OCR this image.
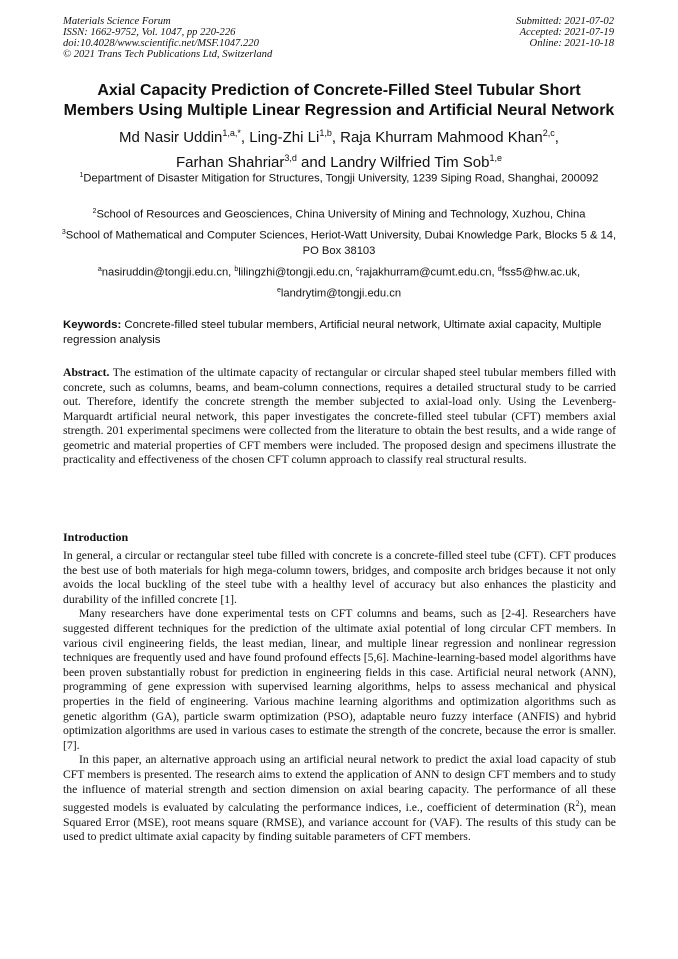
Materials Science Forum
ISSN: 1662-9752, Vol. 1047, pp 220-226
doi:10.4028/www.scientific.net/MSF.1047.220
© 2021 Trans Tech Publications Ltd, Switzerland
Submitted: 2021-07-02
Accepted: 2021-07-19
Online: 2021-10-18
Axial Capacity Prediction of Concrete-Filled Steel Tubular Short
Members Using Multiple Linear Regression and Artificial Neural Network
Md Nasir Uddin$^{1,a,*}$, Ling-Zhi Li$^{1,b}$, Raja Khurram Mahmood Khan$^{2,c}$,
Farhan Shahriar$^{3,d}$ and Landry Wilfried Tim Sob$^{1,e}$
$^1$Department of Disaster Mitigation for Structures, Tongji University, 1239 Siping Road, Shanghai, 200092
$^2$School of Resources and Geosciences, China University of Mining and Technology, Xuzhou, China
$^3$School of Mathematical and Computer Sciences, Heriot-Watt University, Dubai Knowledge Park, Blocks 5 & 14, PO Box 38103
$^a$nasiruddin@tongji.edu.cn, $^b$lilingzhi@tongji.edu.cn, $^c$rajakhurram@cumt.edu.cn, $^d$fss5@hw.ac.uk,
$^e$landrytim@tongji.edu.cn
Keywords: Concrete-filled steel tubular members, Artificial neural network, Ultimate axial capacity, Multiple regression analysis
Abstract. The estimation of the ultimate capacity of rectangular or circular shaped steel tubular members filled with concrete, such as columns, beams, and beam-column connections, requires a detailed structural study to be carried out. Therefore, identify the concrete strength the member subjected to axial-load only. Using the Levenberg-Marquardt artificial neural network, this paper investigates the concrete-filled steel tubular (CFT) members axial strength. 201 experimental specimens were collected from the literature to obtain the best results, and a wide range of geometric and material properties of CFT members were included. The proposed design and specimens illustrate the practicality and effectiveness of the chosen CFT column approach to classify real structural results.
Introduction

In general, a circular or rectangular steel tube filled with concrete is a concrete-filled steel tube (CFT). CFT produces the best use of both materials for high mega-column towers, bridges, and composite arch bridges because it not only avoids the local buckling of the steel tube with a healthy level of accuracy but also enhances the plasticity and durability of the infilled concrete [1].

Many researchers have done experimental tests on CFT columns and beams, such as [2-4]. Researchers have suggested different techniques for the prediction of the ultimate axial potential of long circular CFT members. In various civil engineering fields, the least median, linear, and multiple linear regression and nonlinear regression techniques are frequently used and have found profound effects [5,6]. Machine-learning-based model algorithms have been proven substantially robust for prediction in engineering fields in this case. Artificial neural network (ANN), programming of gene expression with supervised learning algorithms, helps to assess mechanical and physical properties in the field of engineering. Various machine learning algorithms and optimization algorithms such as genetic algorithm (GA), particle swarm optimization (PSO), adaptable neuro fuzzy interface (ANFIS) and hybrid optimization algorithms are used in various cases to estimate the strength of the concrete, because the error is smaller. [7].

In this paper, an alternative approach using an artificial neural network to predict the axial load capacity of stub CFT members is presented. The research aims to extend the application of ANN to design CFT members and to study the influence of material strength and section dimension on axial bearing capacity. The performance of all these suggested models is evaluated by calculating the performance indices, i.e., coefficient of determination $(R^2)$, mean Squared Error (MSE), root means square (RMSE), and variance account for (VAF). The results of this study can be used to predict ultimate axial capacity by finding suitable parameters of CFT members.
